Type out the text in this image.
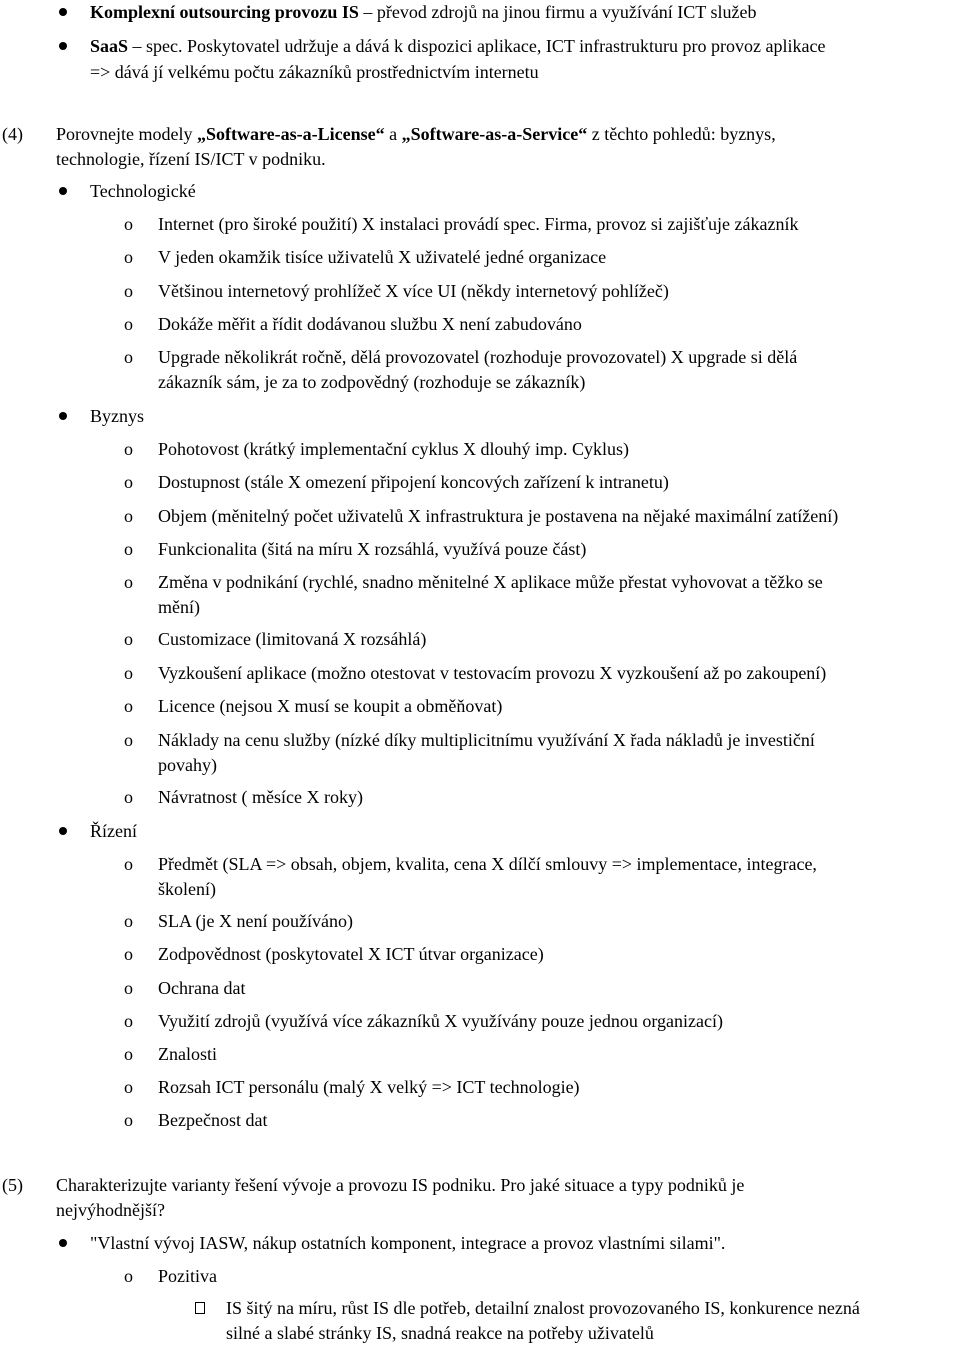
Komplexní outsourcing provozu IS – převod zdrojů na jinou firmu a využívání ICT služeb
SaaS – spec. Poskytovatel udržuje a dává k dispozici aplikace, ICT infrastrukturu pro provoz aplikace
=> dává jí velkému počtu zákazníků prostřednictvím internetu
(4) Porovnejte modely „Software-as-a-License“ a „Software-as-a-Service“ z těchto pohledů: byznys,
technologie, řízení IS/ICT v podniku.
Technologické
o Internet (pro široké použití) X instalaci provádí spec. Firma, provoz si zajišťuje zákazník
o V jeden okamžik tisíce uživatelů X uživatelé jedné organizace
o Většinou internetový prohlížeč X více UI (někdy internetový pohlížeč)
o Dokáže měřit a řídit dodávanou službu X není zabudováno
o Upgrade několikrát ročně, dělá provozovatel (rozhoduje provozovatel) X upgrade si dělá
zákazník sám, je za to zodpovědný (rozhoduje se zákazník)
Byznys
o Pohotovost (krátký implementační cyklus X dlouhý imp. Cyklus)
o Dostupnost (stále X omezení připojení koncových zařízení k intranetu)
o Objem (měnitelný počet uživatelů X infrastruktura je postavena na nějaké maximální zatížení)
o Funkcionalita (šitá na míru X rozsáhlá, využívá pouze část)
o Změna v podnikání (rychlé, snadno měnitelné X aplikace může přestat vyhovovat a těžko se
mění)
o Customizace (limitovaná X rozsáhlá)
o Vyzkoušení aplikace (možno otestovat v testovacím provozu X vyzkoušení až po zakoupení)
o Licence (nejsou X musí se koupit a obměňovat)
o Náklady na cenu služby (nízké díky multiplicitnímu využívání X řada nákladů je investiční
povahy)
o Návratnost ( měsíce X roky)
Řízení
o Předmět (SLA => obsah, objem, kvalita, cena X dílčí smlouvy => implementace, integrace,
školení)
o SLA (je X není používáno)
o Zodpovědnost (poskytovatel X ICT útvar organizace)
o Ochrana dat
o Využití zdrojů (využívá více zákazníků X využívány pouze jednou organizací)
o Znalosti
o Rozsah ICT personálu (malý X velký => ICT technologie)
o Bezpečnost dat
(5) Charakterizujte varianty řešení vývoje a provozu IS podniku. Pro jaké situace a typy podniků je
nejvýhodnější?
"Vlastní vývoj IASW, nákup ostatních komponent, integrace a provoz vlastními silami".
o Pozitiva
IS šitý na míru, růst IS dle potřeb, detailní znalost provozovaného IS, konkurence nezná
silné a slabé stránky IS, snadná reakce na potřeby uživatelů
